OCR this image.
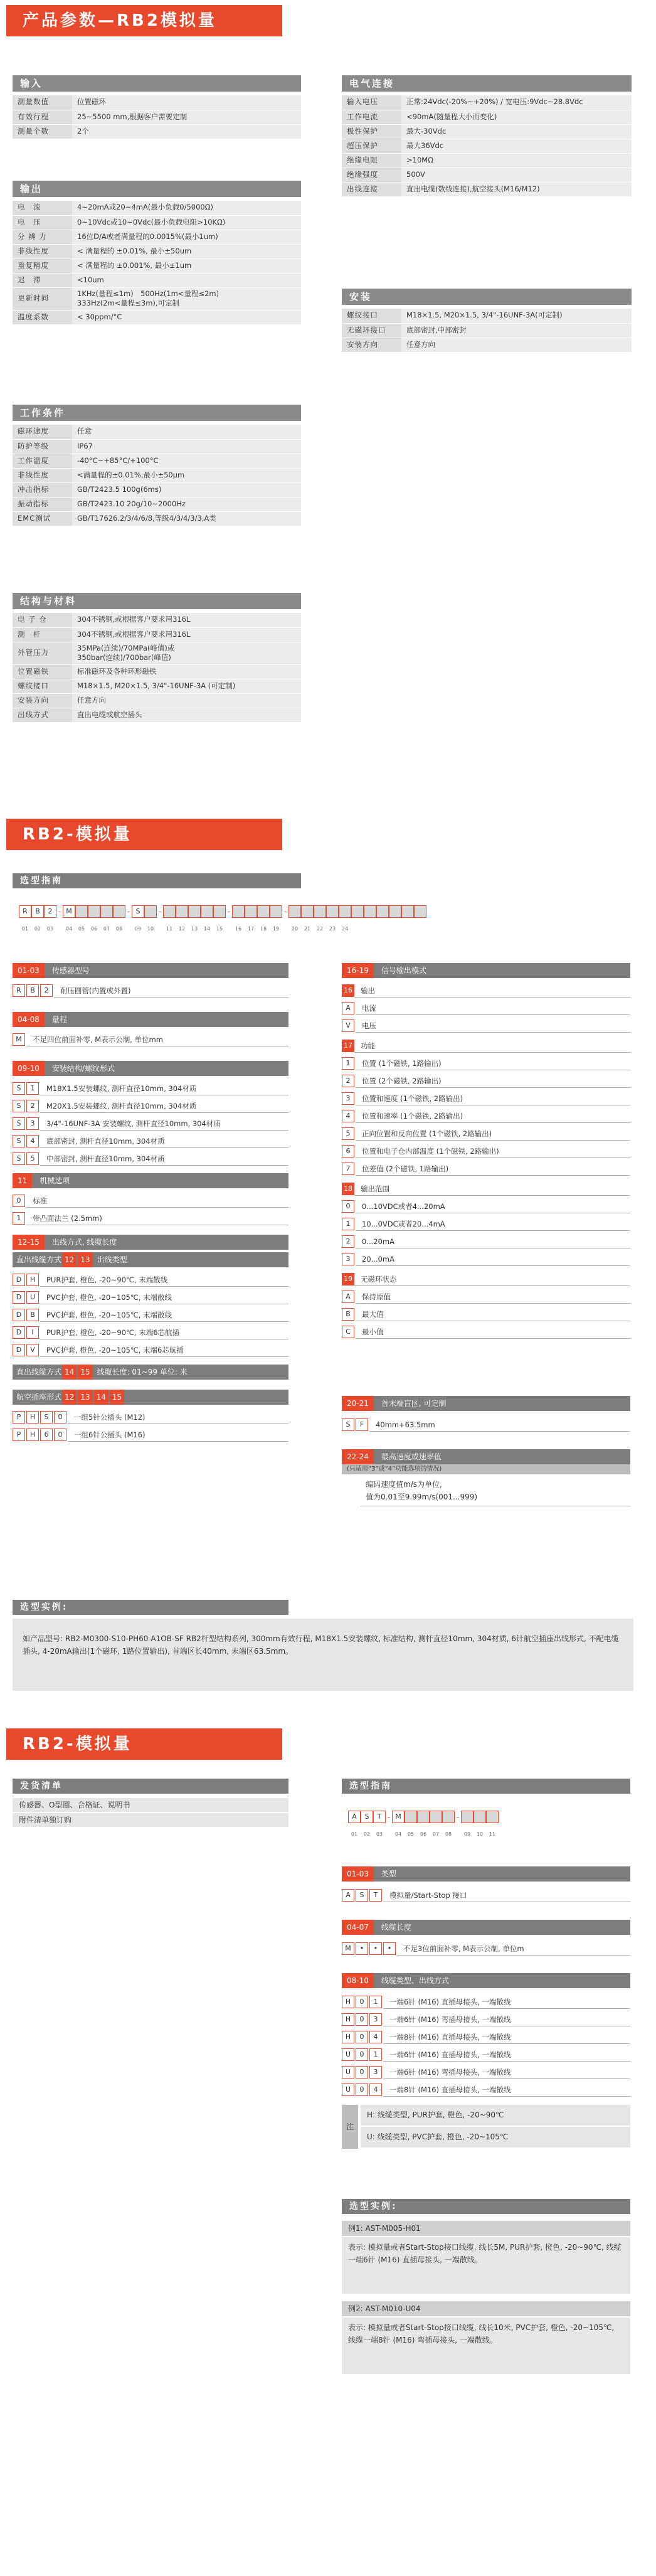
产品参数—RB2模拟量
输入
测量数值	位置磁环
有效行程	25~5500 mm,根据客户需要定制
测量个数	2个
输出
电　流	4~20mA或20~4mA(最小负载0/5000Ω)
电　压	0~10Vdc或10~0Vdc(最小负载电阻>10KΩ)
分 辨 力	16位D/A或者满量程的0.0015%(最小1um)
非线性度	< 满量程的 ±0.01%, 最小±50um
重复精度	< 满量程的 ±0.001%, 最小±1um
迟　滞	<10um
更新时间	1KHz(量程≤1m)　500Hz(1m<量程≤2m)
333Hz(2m<量程≤3m),可定制
温度系数	< 30ppm/°C
工作条件
磁环速度	任意
防护等级	IP67
工作温度	-40°C~+85°C/+100°C
非线性度	<满量程的±0.01%,最小±50μm
冲击指标	GB/T2423.5 100g(6ms)
振动指标	GB/T2423.10 20g/10~2000Hz
EMC测试	GB/T17626.2/3/4/6/8,等级4/3/4/3/3,A类
结构与材料
电 子 仓	304不锈钢,或根据客户要求用316L
测　杆	304不锈钢,或根据客户要求用316L
外管压力	35MPa(连续)/70MPa(峰值)或
350bar(连续)/700bar(峰值)
位置磁铁	标准磁环及各种环形磁铁
螺纹接口	M18×1.5, M20×1.5, 3/4"-16UNF-3A (可定制)
安装方向	任意方向
出线方式	直出电缆或航空插头
电气连接
输入电压	正常:24Vdc(-20%~+20%) / 宽电压:9Vdc~28.8Vdc
工作电流	<90mA(随量程大小而变化)
极性保护	最大-30Vdc
超压保护	最大36Vdc
绝缘电阻	>10MΩ
绝缘强度	500V
出线连接	直出电缆(数线连接),航空接头(M16/M12)
安装
螺纹接口	M18×1.5, M20×1.5, 3/4"-16UNF-3A(可定制)
无磁环接口	底部密封,中部密封
安装方向	任意方向
RB2-模拟量
选型指南
R B 2 - M	- S -	-	-
01 02 03 04 05 06 07 08 09 10 11 12 13 14 15 16 17 18 19 20 21 22 23 24
01-03 传感器型号
R	B	2	耐压圆管(内置或外置)
04-08 量程
M	不足四位前面补零, M表示公制, 单位mm
09-10 安装结构/螺纹形式
S	1	M18X1.5安装螺纹, 测杆直径10mm, 304材质
S	2	M20X1.5安装螺纹, 测杆直径10mm, 304材质
S	3	3/4"-16UNF-3A 安装螺纹, 测杆直径10mm, 304材质
S	4	底部密封, 测杆直径10mm, 304材质
S	5	中部密封, 测杆直径10mm, 304材质
11 机械选项
0	标准
1	带凸面法兰 (2.5mm)
12-15 出线方式, 线缆长度
直出线缆方式 12 13 出线类型
D	H	PUR护套, 橙色, -20~90℃, 末端散线
D	U	PVC护套, 橙色, -20~105℃, 末端散线
D	B	PVC护套, 橙色, -20~105℃, 末端散线
D	I	PUR护套, 橙色, -20~90℃, 末端6芯航插
D	V	PVC护套, 橙色, -20~105℃, 末端6芯航插
直出线缆方式 14 15 线缆长度: 01~99 单位: 米
航空插座形式 12 13 14 15
P	H	S	0	一组5针公插头 (M12)
P	H	6	0	一组6针公插头 (M16)
16-19 信号输出模式
16	输出
A	电流
V	电压
17	功能
1	位置 (1个磁铁, 1路输出)
2	位置 (2个磁铁, 2路输出)
3	位置和速度 (1个磁铁, 2路输出)
4	位置和速率 (1个磁铁, 2路输出)
5	正向位置和反向位置 (1个磁铁, 2路输出)
6	位置和电子仓内部温度 (1个磁铁, 2路输出)
7	位差值 (2个磁铁, 1路输出)
18	输出范围
0	0...10VDC或者4...20mA
1	10...0VDC或者20...4mA
2	0...20mA
3	20...0mA
19	无磁环状态
A	保持原值
B	最大值
C	最小值
20-21 首末端盲区, 可定制
S	F	40mm+63.5mm
22-24 最高速度或速率值
(只适用“3”或“4”功能选项的情况)
编码速度值m/s为单位,
值为0.01至9.99m/s(001...999)
选型实例:
如产品型号: RB2-M0300-S10-PH60-A1OB-SF RB2杆型结构系列, 300mm有效行程, M18X1.5安装螺纹, 标准结构, 测杆直径10mm, 304材质, 6针航空插座出线形式, 不配电缆插头, 4-20mA输出(1个磁环, 1路位置输出), 首端区长40mm, 末端区63.5mm。
RB2-模拟量
发货清单
传感器、O型圈、合格证、说明书
附件清单独订购
选型指南
A S T - M	-
01 02 03 04 05 06 07 08 09 10 11
01-03 类型
A	S	T	模拟量/Start-Stop 接口
04-07 线缆长度
M	•	•	•	不足3位前面补零, M表示公制, 单位m
08-10 线缆类型、出线方式
H	0	1	一端6针 (M16) 直插母接头, 一端散线
H	0	3	一端6针 (M16) 弯插母接头, 一端散线
H	0	4	一端8针 (M16) 直插母接头, 一端散线
U	0	1	一端6针 (M16) 直插母接头, 一端散线
U	0	3	一端6针 (M16) 弯插母接头, 一端散线
U	0	4	一端8针 (M16) 直插母接头, 一端散线
注
H: 线缆类型, PUR护套, 橙色, -20~90℃
U: 线缆类型, PVC护套, 橙色, -20~105℃
选型实例:
例1: AST-M005-H01
表示: 模拟量或者Start-Stop接口线缆, 线长5M, PUR护套, 橙色, -20~90℃, 线缆一端6针 (M16) 直插母接头, 一端散线。
例2: AST-M010-U04
表示: 模拟量或者Start-Stop接口线缆, 线长10米, PVC护套, 橙色, -20~105℃, 线缆一端8针 (M16) 弯插母接头, 一端散线。
